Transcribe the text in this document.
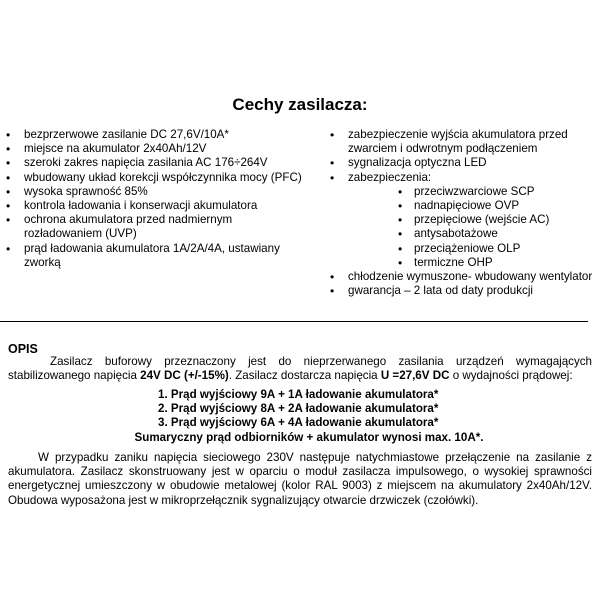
Cechy zasilacza:
• bezprzerwowe zasilanie DC 27,6V/10A*
• miejsce na akumulator 2x40Ah/12V
• szeroki zakres napięcia zasilania AC 176÷264V
• wbudowany układ korekcji współczynnika mocy (PFC)
• wysoka sprawność 85%
• kontrola ładowania i konserwacji akumulatora
• ochrona akumulatora przed nadmiernym rozładowaniem (UVP)
• prąd ładowania akumulatora 1A/2A/4A, ustawiany zworką
• zabezpieczenie wyjścia akumulatora przed zwarciem i odwrotnym podłączeniem
• sygnalizacja optyczna LED
• zabezpieczenia:
• przeciwzwarciowe SCP
• nadnapięciowe OVP
• przepięciowe (wejście AC)
• antysabotażowe
• przeciążeniowe OLP
• termiczne OHP
• chłodzenie wymuszone- wbudowany wentylator
• gwarancja – 2 lata od daty produkcji
OPIS

Zasilacz buforowy przeznaczony jest do nieprzerwanego zasilania urządzeń wymagających stabilizowanego napięcia 24V DC (+/-15%). Zasilacz dostarcza napięcia U =27,6V DC o wydajności prądowej:

1. Prąd wyjściowy 9A + 1A ładowanie akumulatora*
2. Prąd wyjściowy 8A + 2A ładowanie akumulatora*
3. Prąd wyjściowy 6A + 4A ładowanie akumulatora*
Sumaryczny prąd odbiorników + akumulator wynosi max. 10A*.

W przypadku zaniku napięcia sieciowego 230V następuje natychmiastowe przełączenie na zasilanie z akumulatora. Zasilacz skonstruowany jest w oparciu o moduł zasilacza impulsowego, o wysokiej sprawności energetycznej umieszczony w obudowie metalowej (kolor RAL 9003) z miejscem na akumulatory 2x40Ah/12V. Obudowa wyposażona jest w mikroprzełącznik sygnalizujący otwarcie drzwiczek (czołówki).
